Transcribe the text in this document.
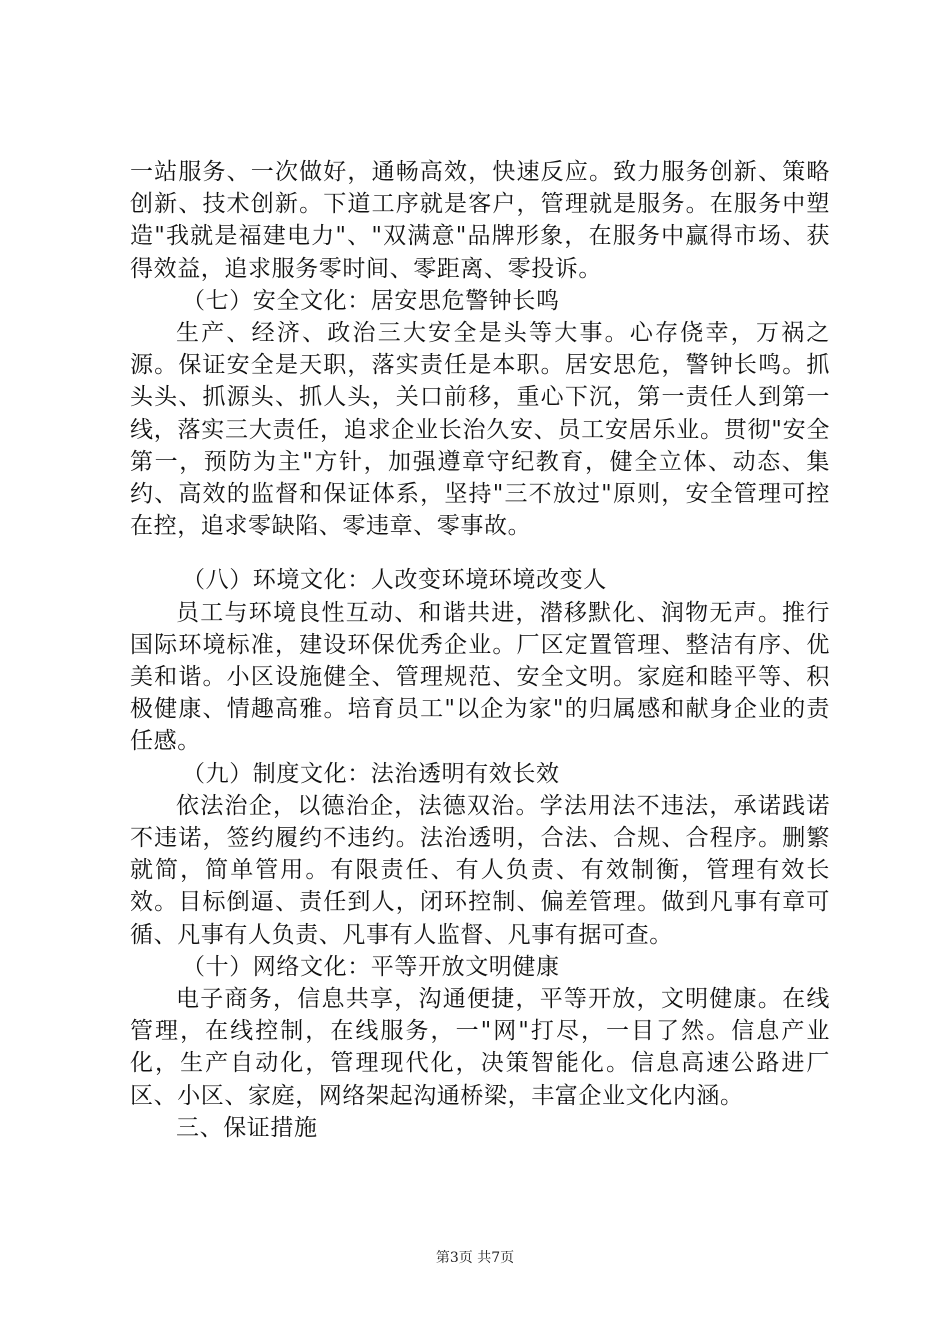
一站服务、一次做好，通畅高效，快速反应。致力服务创新、策略创新、技术创新。下道工序就是客户，管理就是服务。在服务中塑造"我就是福建电力"、"双满意"品牌形象，在服务中赢得市场、获得效益，追求服务零时间、零距离、零投诉。

（七）安全文化：居安思危警钟长鸣

生产、经济、政治三大安全是头等大事。心存侥幸，万祸之源。保证安全是天职，落实责任是本职。居安思危，警钟长鸣。抓头头、抓源头、抓人头，关口前移，重心下沉，第一责任人到第一线，落实三大责任，追求企业长治久安、员工安居乐业。贯彻"安全第一，预防为主"方针，加强遵章守纪教育，健全立体、动态、集约、高效的监督和保证体系，坚持"三不放过"原则，安全管理可控在控，追求零缺陷、零违章、零事故。

（八）环境文化：人改变环境环境改变人

员工与环境良性互动、和谐共进，潜移默化、润物无声。推行国际环境标准，建设环保优秀企业。厂区定置管理、整洁有序、优美和谐。小区设施健全、管理规范、安全文明。家庭和睦平等、积极健康、情趣高雅。培育员工"以企为家"的归属感和献身企业的责任感。

（九）制度文化：法治透明有效长效

依法治企，以德治企，法德双治。学法用法不违法，承诺践诺不违诺，签约履约不违约。法治透明，合法、合规、合程序。删繁就简，简单管用。有限责任、有人负责、有效制衡，管理有效长效。目标倒逼、责任到人，闭环控制、偏差管理。做到凡事有章可循、凡事有人负责、凡事有人监督、凡事有据可查。

（十）网络文化：平等开放文明健康

电子商务，信息共享，沟通便捷，平等开放，文明健康。在线管理，在线控制，在线服务，一"网"打尽，一目了然。信息产业化，生产自动化，管理现代化，决策智能化。信息高速公路进厂区、小区、家庭，网络架起沟通桥梁，丰富企业文化内涵。

三、保证措施

第3页 共7页
